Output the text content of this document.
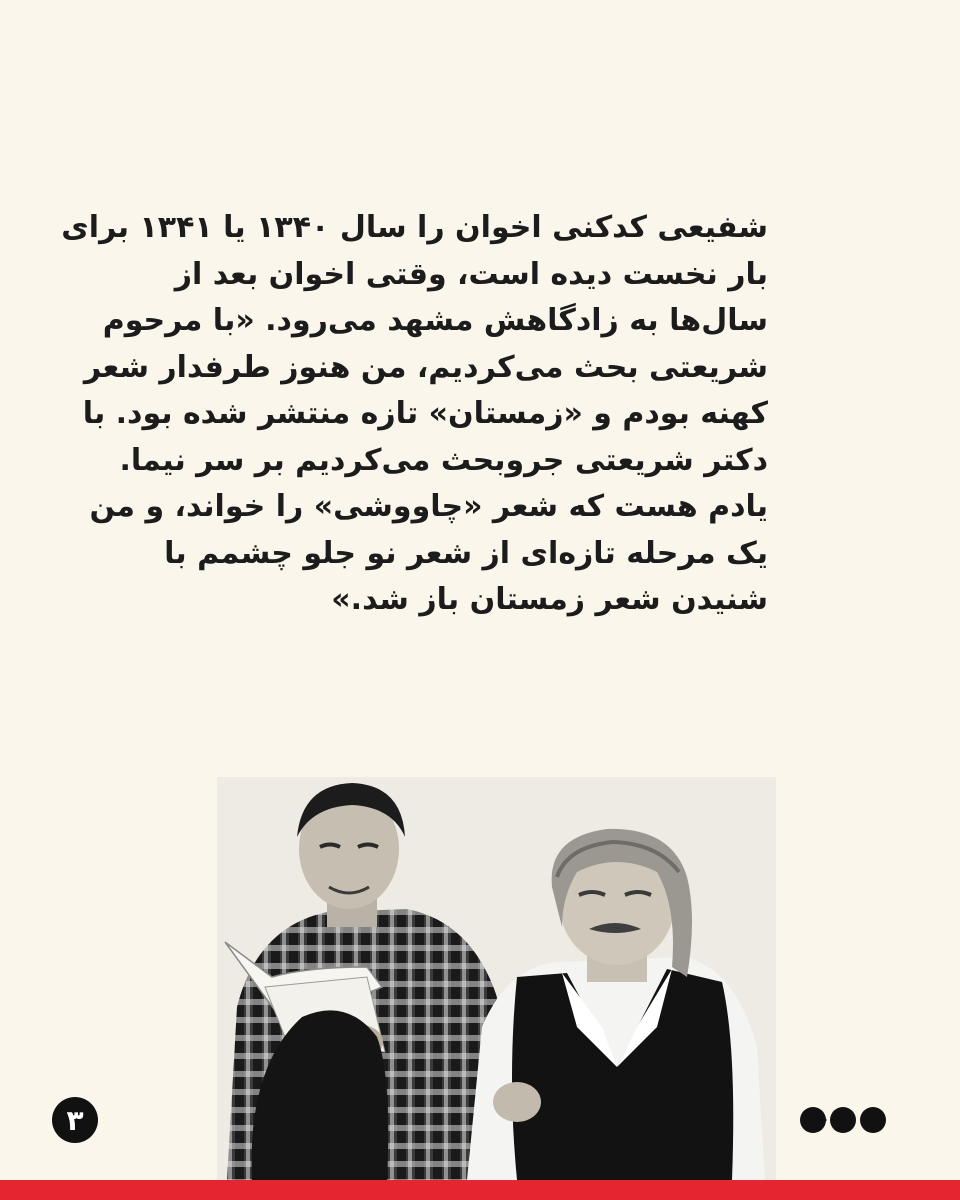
شفیعی کدکنی اخوان را سال ۱۳۴۰ یا ۱۳۴۱ برای
بار نخست دیده است، وقتی اخوان بعد از
سال‌ها به زادگاهش مشهد می‌رود. «با مرحوم
شریعتی بحث می‌کردیم، من هنوز طرفدار شعر
کهنه بودم و «زمستان» تازه منتشر شده بود. با
دکتر شریعتی جروبحث می‌کردیم بر سر نیما.
یادم هست که شعر «چاووشی» را خواند، و من
یک مرحله تازه‌ای از شعر نو جلو چشمم با
شنیدن شعر زمستان باز شد.»
۳
